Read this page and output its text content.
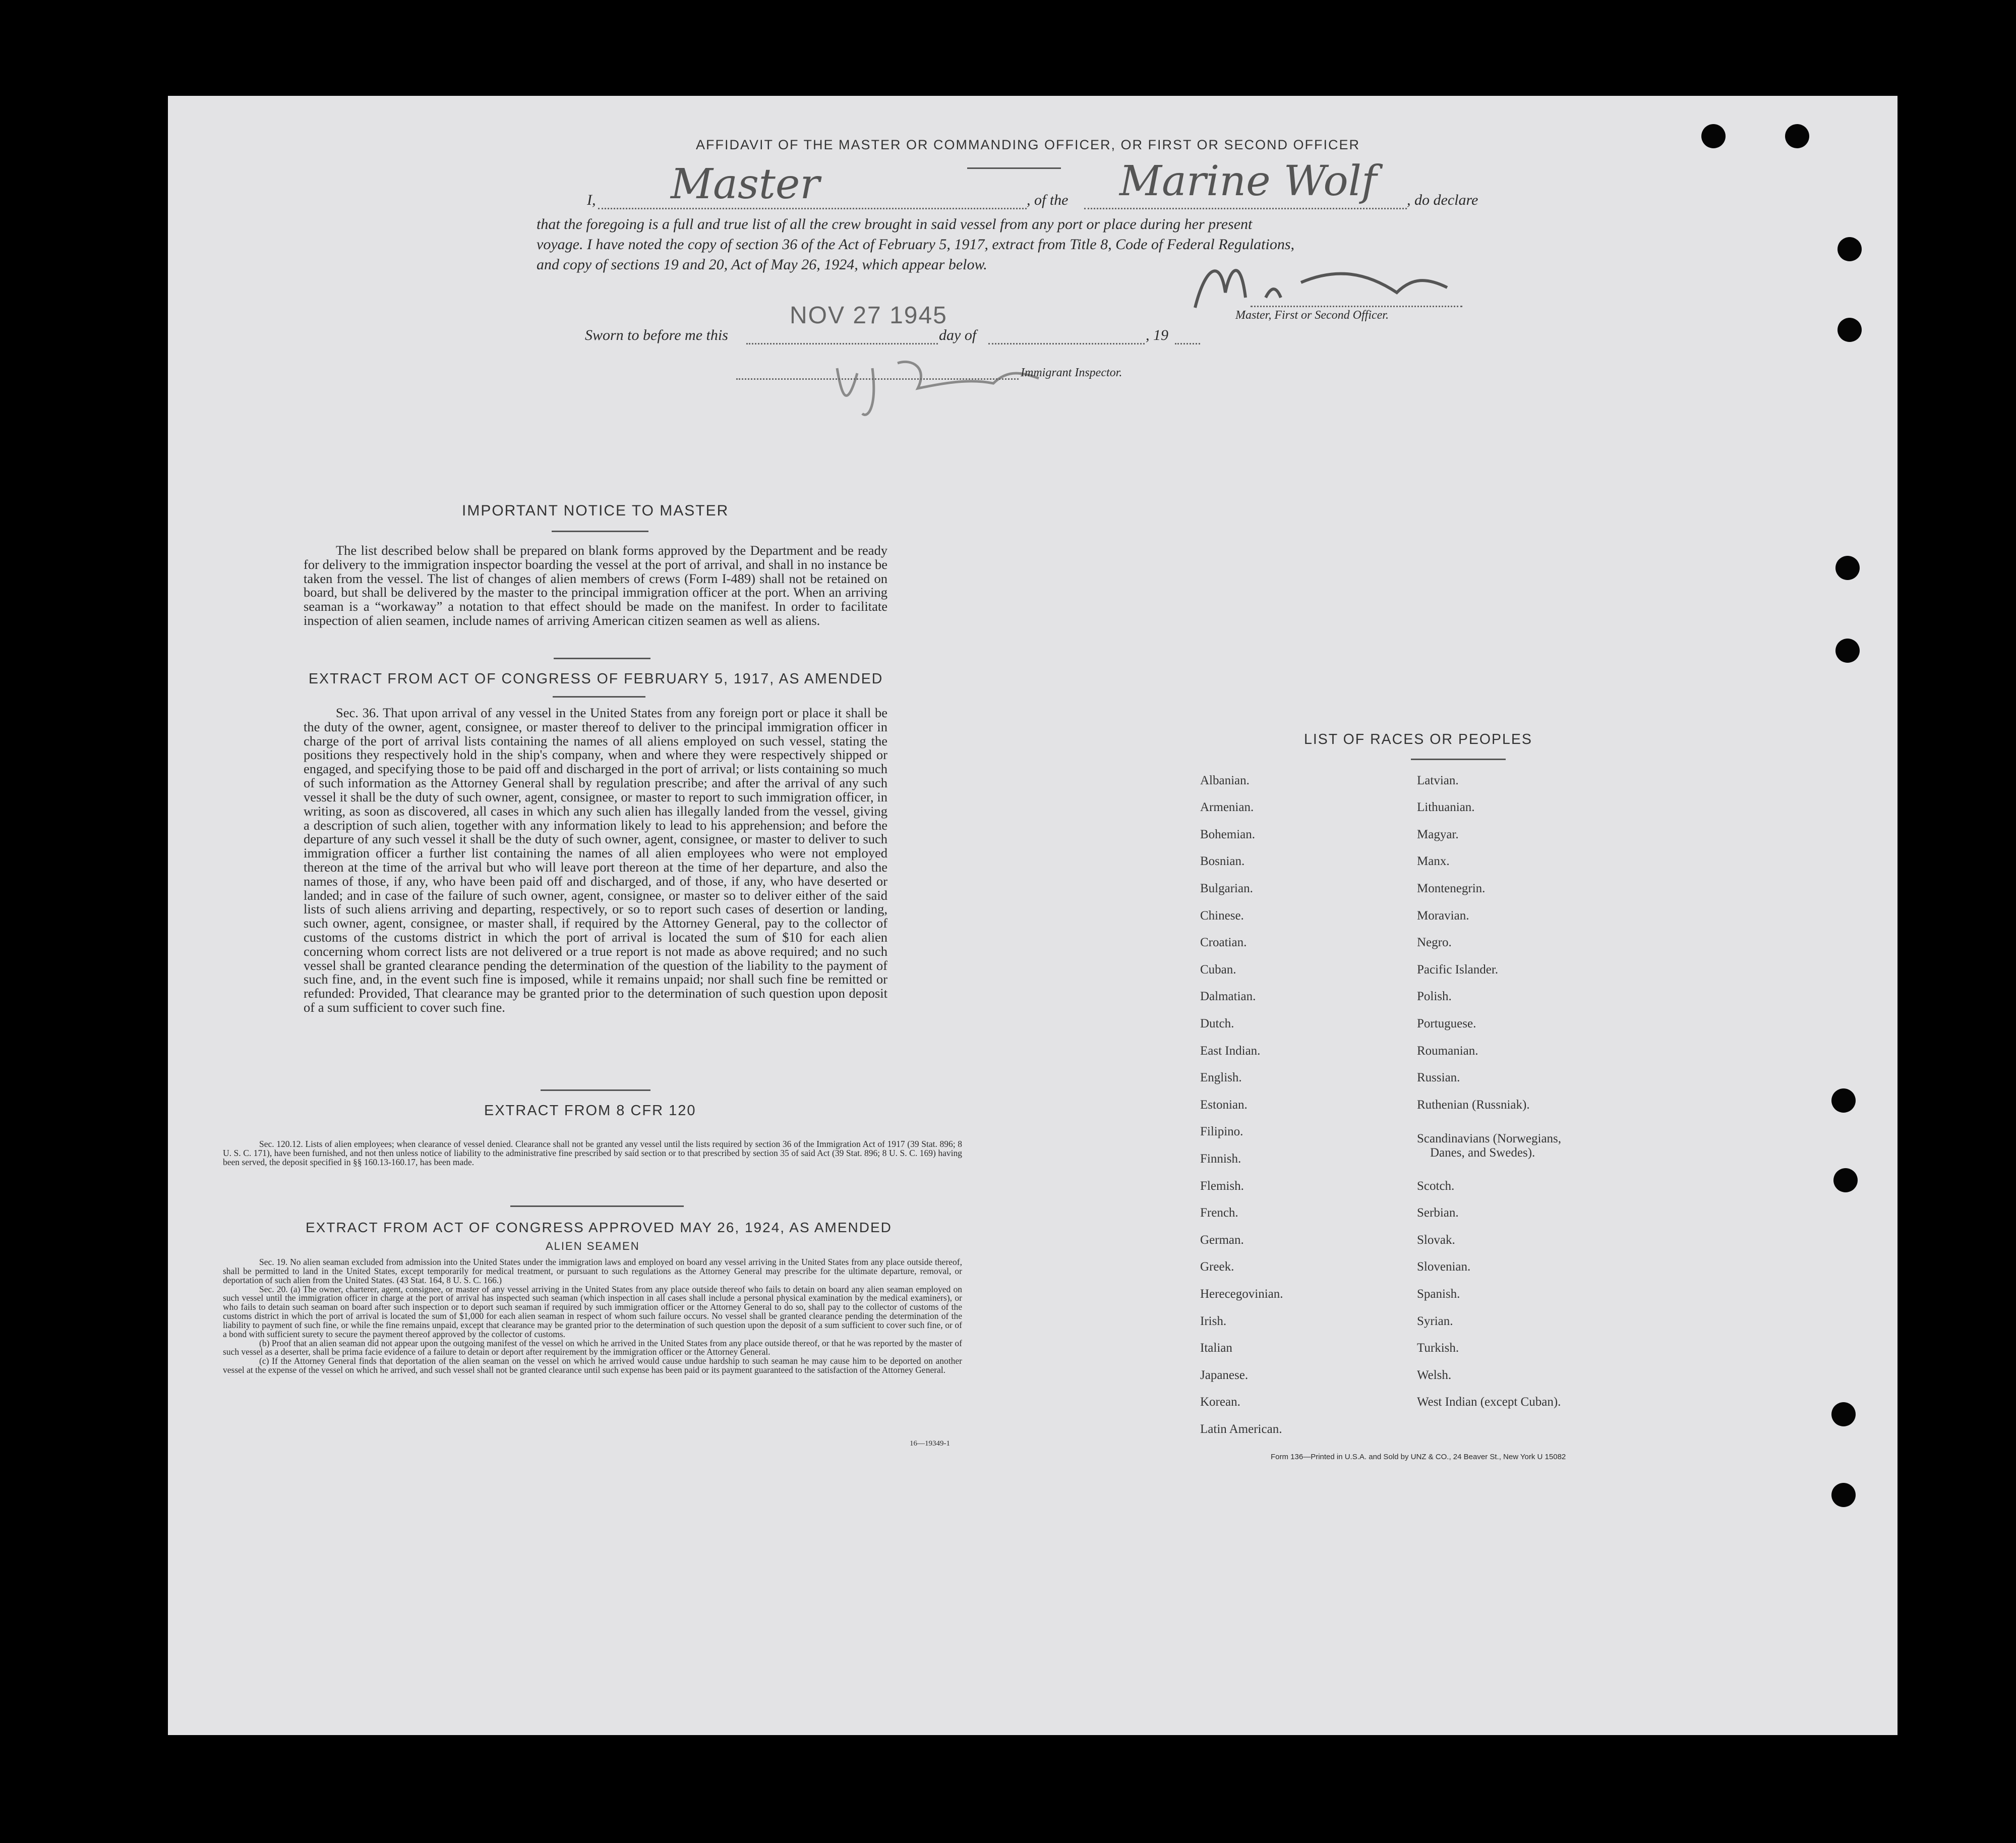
AFFIDAVIT OF THE MASTER OR COMMANDING OFFICER, OR FIRST OR SECOND OFFICER
I, Master	, of the Marine Wolf , do declare
that the foregoing is a full and true list of all the crew brought in said vessel from any port or place during her present
voyage. I have noted the copy of section 36 of the Act of February 5, 1917, extract from Title 8, Code of Federal Regulations,
and copy of sections 19 and 20, Act of May 26, 1924, which appear below.
Master, First or Second Officer.
Sworn to before me this
NOV 27 1945
day of	, 19
Immigrant Inspector.
IMPORTANT NOTICE TO MASTER
The list described below shall be prepared on blank forms approved by the Department and be ready for delivery to the immigration inspector boarding the vessel at the port of arrival, and shall in no instance be taken from the vessel. The list of changes of alien members of crews (Form I-489) shall not be retained on board, but shall be delivered by the master to the principal immigration officer at the port. When an arriving seaman is a “workaway” a notation to that effect should be made on the manifest. In order to facilitate inspection of alien seamen, include names of arriving American citizen seamen as well as aliens.
EXTRACT FROM ACT OF CONGRESS OF FEBRUARY 5, 1917, AS AMENDED
Sec. 36. That upon arrival of any vessel in the United States from any foreign port or place it shall be the duty of the owner, agent, consignee, or master thereof to deliver to the principal immigration officer in charge of the port of arrival lists containing the names of all aliens employed on such vessel, stating the positions they respectively hold in the ship's company, when and where they were respectively shipped or engaged, and specifying those to be paid off and discharged in the port of arrival; or lists containing so much of such information as the Attorney General shall by regulation prescribe; and after the arrival of any such vessel it shall be the duty of such owner, agent, consignee, or master to report to such immigration officer, in writing, as soon as discovered, all cases in which any such alien has illegally landed from the vessel, giving a description of such alien, together with any information likely to lead to his apprehension; and before the departure of any such vessel it shall be the duty of such owner, agent, consignee, or master to deliver to such immigration officer a further list containing the names of all alien employees who were not employed thereon at the time of the arrival but who will leave port thereon at the time of her departure, and also the names of those, if any, who have been paid off and discharged, and of those, if any, who have deserted or landed; and in case of the failure of such owner, agent, consignee, or master so to deliver either of the said lists of such aliens arriving and departing, respectively, or so to report such cases of desertion or landing, such owner, agent, consignee, or master shall, if required by the Attorney General, pay to the collector of customs of the customs district in which the port of arrival is located the sum of $10 for each alien concerning whom correct lists are not delivered or a true report is not made as above required; and no such vessel shall be granted clearance pending the determination of the question of the liability to the payment of such fine, and, in the event such fine is imposed, while it remains unpaid; nor shall such fine be remitted or refunded: Provided, That clearance may be granted prior to the determination of such question upon deposit of a sum sufficient to cover such fine.
EXTRACT FROM 8 CFR 120
Sec. 120.12. Lists of alien employees; when clearance of vessel denied. Clearance shall not be granted any vessel until the lists required by section 36 of the Immigration Act of 1917 (39 Stat. 896; 8 U. S. C. 171), have been furnished, and not then unless notice of liability to the administrative fine prescribed by said section or to that prescribed by section 35 of said Act (39 Stat. 896; 8 U. S. C. 169) having been served, the deposit specified in §§ 160.13-160.17, has been made.
EXTRACT FROM ACT OF CONGRESS APPROVED MAY 26, 1924, AS AMENDED
ALIEN SEAMEN
Sec. 19. No alien seaman excluded from admission into the United States under the immigration laws and employed on board any vessel arriving in the United States from any place outside thereof, shall be permitted to land in the United States, except temporarily for medical treatment, or pursuant to such regulations as the Attorney General may prescribe for the ultimate departure, removal, or deportation of such alien from the United States. (43 Stat. 164, 8 U. S. C. 166.)
Sec. 20. (a) The owner, charterer, agent, consignee, or master of any vessel arriving in the United States from any place outside thereof who fails to detain on board any alien seaman employed on such vessel until the immigration officer in charge at the port of arrival has inspected such seaman (which inspection in all cases shall include a personal physical examination by the medical examiners), or who fails to detain such seaman on board after such inspection or to deport such seaman if required by such immigration officer or the Attorney General to do so, shall pay to the collector of customs of the customs district in which the port of arrival is located the sum of $1,000 for each alien seaman in respect of whom such failure occurs. No vessel shall be granted clearance pending the determination of the liability to payment of such fine, or while the fine remains unpaid, except that clearance may be granted prior to the determination of such question upon the deposit of a sum sufficient to cover such fine, or of a bond with sufficient surety to secure the payment thereof approved by the collector of customs.
(b) Proof that an alien seaman did not appear upon the outgoing manifest of the vessel on which he arrived in the United States from any place outside thereof, or that he was reported by the master of such vessel as a deserter, shall be prima facie evidence of a failure to detain or deport after requirement by the immigration officer or the Attorney General.
(c) If the Attorney General finds that deportation of the alien seaman on the vessel on which he arrived would cause undue hardship to such seaman he may cause him to be deported on another vessel at the expense of the vessel on which he arrived, and such vessel shall not be granted clearance until such expense has been paid or its payment guaranteed to the satisfaction of the Attorney General.
16—19349-1
LIST OF RACES OR PEOPLES
Albanian.
Armenian.
Bohemian.
Bosnian.
Bulgarian.
Chinese.
Croatian.
Cuban.
Dalmatian.
Dutch.
East Indian.
English.
Estonian.
Filipino.
Finnish.
Flemish.
French.
German.
Greek.
Herecegovinian.
Irish.
Italian
Japanese.
Korean.
Latin American.
Latvian.
Lithuanian.
Magyar.
Manx.
Montenegrin.
Moravian.
Negro.
Pacific Islander.
Polish.
Portuguese.
Roumanian.
Russian.
Ruthenian (Russniak).
Scandinavians (Norwegians,
Danes, and Swedes).
Scotch.
Serbian.
Slovak.
Slovenian.
Spanish.
Syrian.
Turkish.
Welsh.
West Indian (except Cuban).
Form 136—Printed in U.S.A. and Sold by UNZ & CO., 24 Beaver St., New York U 15082
